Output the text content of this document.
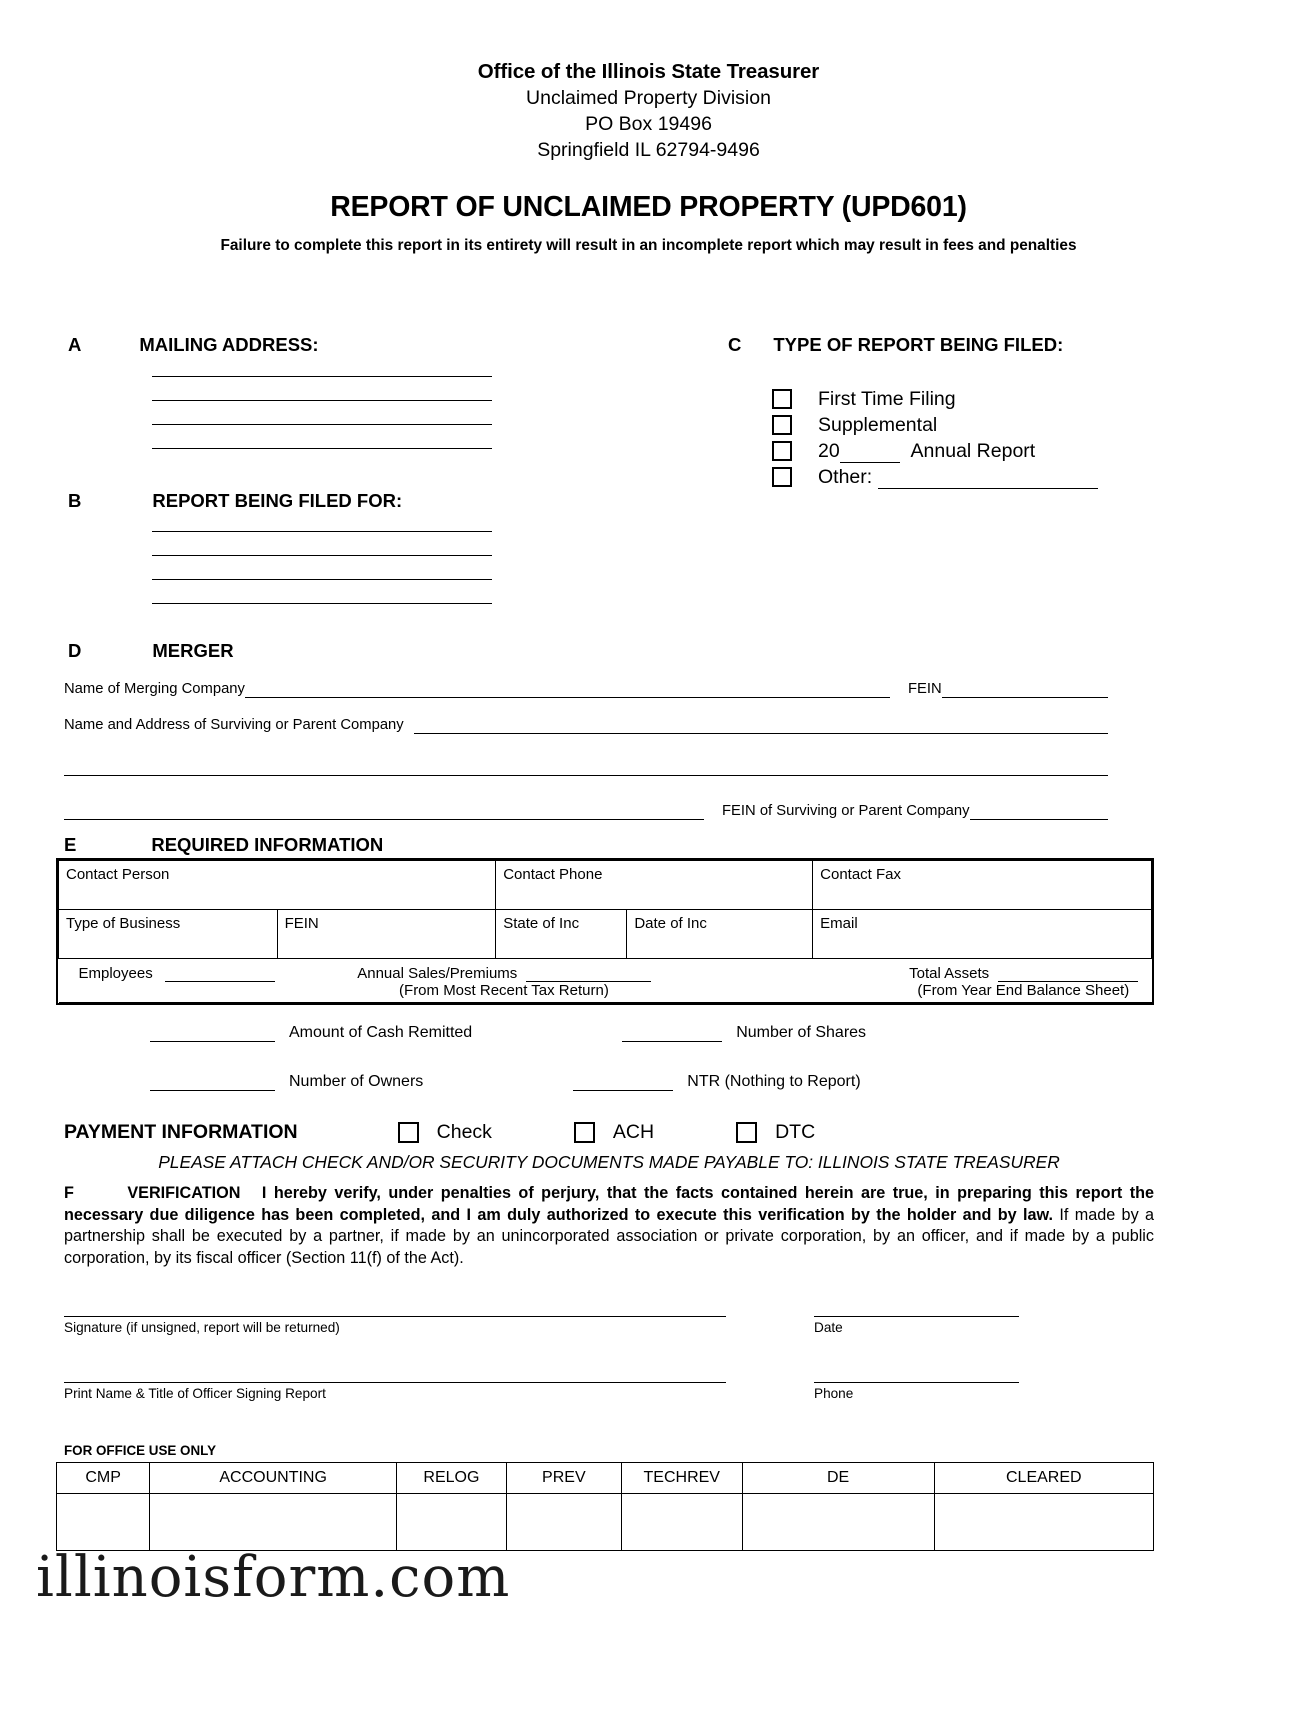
Office of the Illinois State Treasurer
Unclaimed Property Division
PO Box 19496
Springfield IL 62794-9496
REPORT OF UNCLAIMED PROPERTY (UPD601)
Failure to complete this report in its entirety will result in an incomplete report which may result in fees and penalties
A	MAILING ADDRESS:
B	REPORT BEING FILED FOR:
C TYPE OF REPORT BEING FILED:
First Time Filing
Supplemental
20	Annual Report
Other:
D	MERGER
Name of Merging Company	FEIN
Name and Address of Surviving or Parent Company
FEIN of Surviving or Parent Company
E	REQUIRED INFORMATION
Contact Person		Contact Phone		Contact Fax
Type of Business	FEIN	State of Inc	Date of Inc	Email

Employees Annual Sales/Premiums
(From Most Recent Tax Return)
Total Assets
(From Year End Balance Sheet)				
Amount of Cash Remitted	Number of Shares
Number of Owners	NTR (Nothing to Report)
PAYMENT INFORMATION	Check	ACH	DTC
PLEASE ATTACH CHECK AND/OR SECURITY DOCUMENTS MADE PAYABLE TO: ILLINOIS STATE TREASURER
F	VERIFICATION I hereby verify, under penalties of perjury, that the facts contained herein are true, in preparing this report the necessary due diligence has been completed, and I am duly authorized to execute this verification by the holder and by law. If made by a partnership shall be executed by a partner, if made by an unincorporated association or private corporation, by an officer, and if made by a public corporation, by its fiscal officer (Section 11(f) of the Act).
Signature (if unsigned, report will be returned)	Date
Print Name & Title of Officer Signing Report	Phone
FOR OFFICE USE ONLY
CMP	ACCOUNTING	RELOG	PREV	TECHREV	DE	CLEARED

illinoisform.com
